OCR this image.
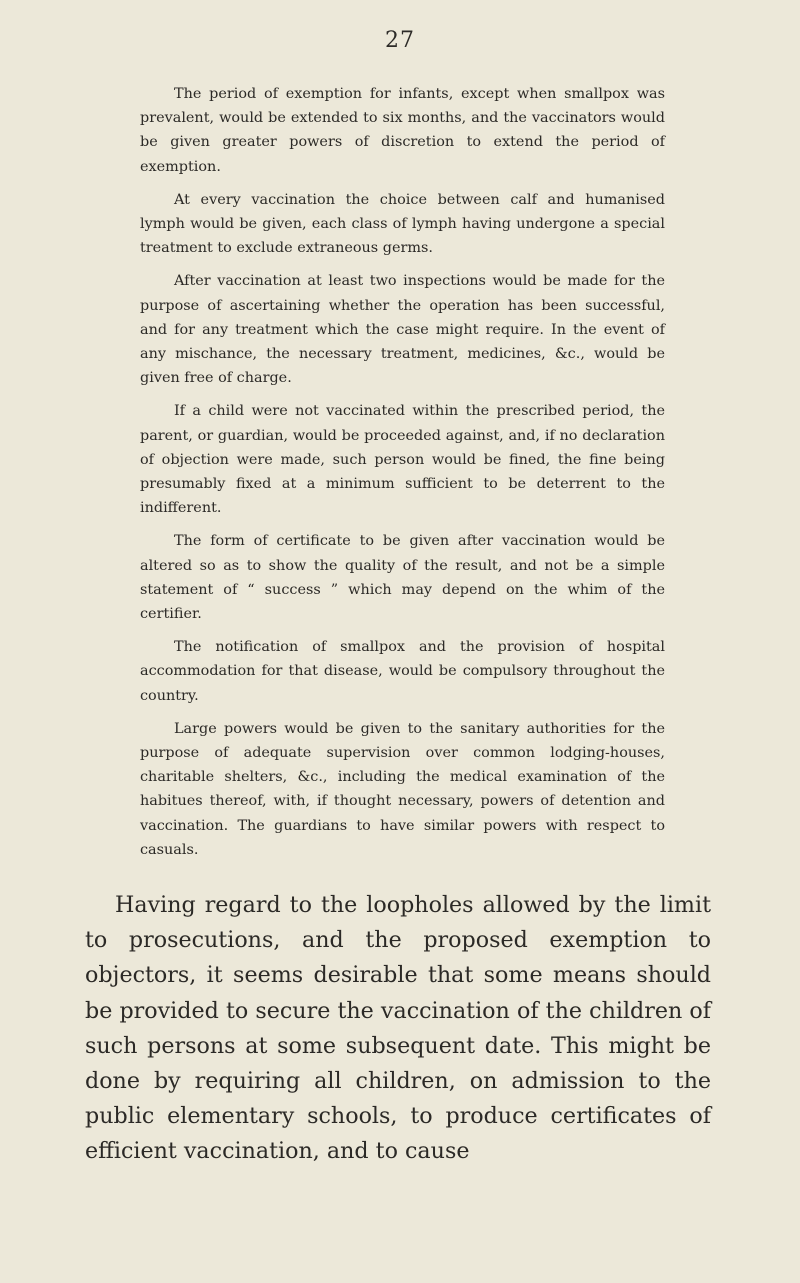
27

The period of exemption for infants, except when smallpox was prevalent, would be extended to six months, and the vaccinators would be given greater powers of discretion to extend the period of exemption.

At every vaccination the choice between calf and humanised lymph would be given, each class of lymph having undergone a special treatment to exclude extraneous germs.

After vaccination at least two inspections would be made for the purpose of ascertaining whether the operation has been successful, and for any treatment which the case might require. In the event of any mischance, the necessary treatment, medicines, &c., would be given free of charge.

If a child were not vaccinated within the prescribed period, the parent, or guardian, would be proceeded against, and, if no declaration of objection were made, such person would be fined, the fine being presumably fixed at a minimum sufficient to be deterrent to the indifferent.

The form of certificate to be given after vaccination would be altered so as to show the quality of the result, and not be a simple statement of “ success ” which may depend on the whim of the certifier.

The notification of smallpox and the provision of hospital accommodation for that disease, would be compulsory throughout the country.

Large powers would be given to the sanitary authorities for the purpose of adequate supervision over common lodging-houses, charitable shelters, &c., including the medical examination of the habitues thereof, with, if thought necessary, powers of detention and vaccination. The guardians to have similar powers with respect to casuals.

Having regard to the loopholes allowed by the limit to prosecutions, and the proposed exemption to objectors, it seems desirable that some means should be provided to secure the vaccination of the children of such persons at some subsequent date. This might be done by requiring all children, on admission to the public elementary schools, to produce certificates of efficient vaccination, and to cause
